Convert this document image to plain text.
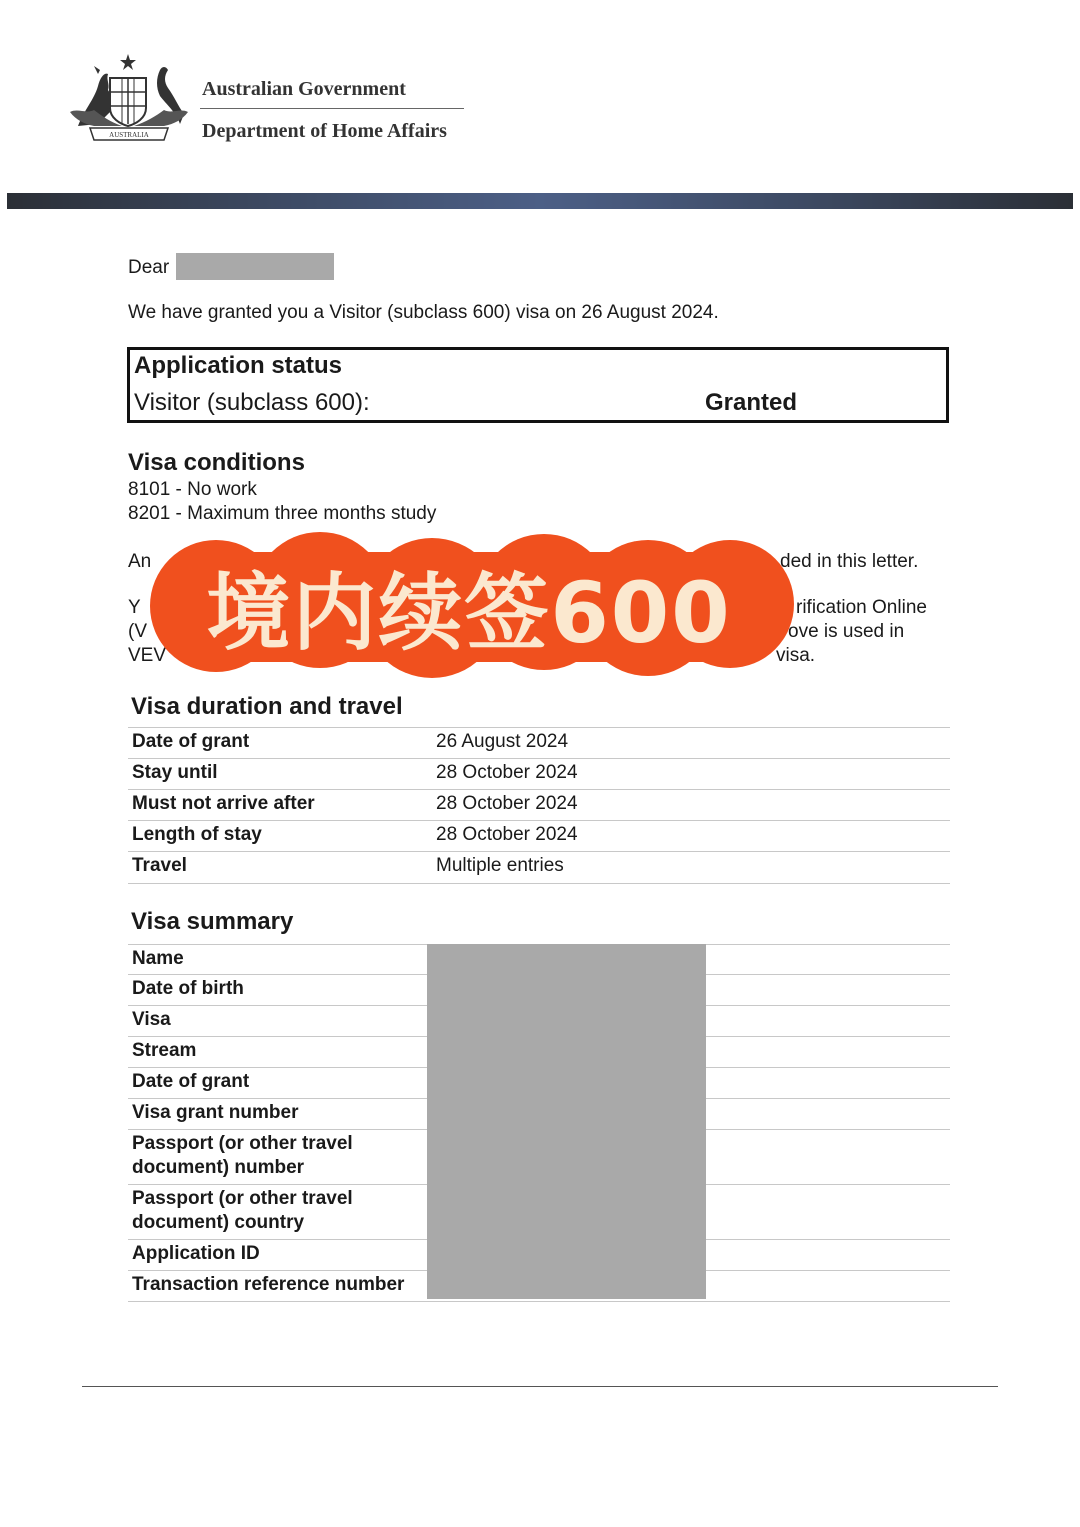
AUSTRALIA
Australian Government
Department of Home Affairs
Dear
We have granted you a Visitor (subclass 600) visa on 26 August 2024.
Application status
Visitor (subclass 600):	Granted
Visa conditions
8101 - No work
8201 - Maximum three months study
An	ded in this letter.
Y
(V
VEV
rification Online
ove is used in
visa.
境内续签600
Visa duration and travel
Date of grant	26 August 2024
Stay until	28 October 2024
Must not arrive after	28 October 2024
Length of stay	28 October 2024
Travel	Multiple entries
Visa summary
Name
Date of birth
Visa
Stream
Date of grant
Visa grant number
Passport (or other travel document) number
Passport (or other travel document) country
Application ID
Transaction reference number
